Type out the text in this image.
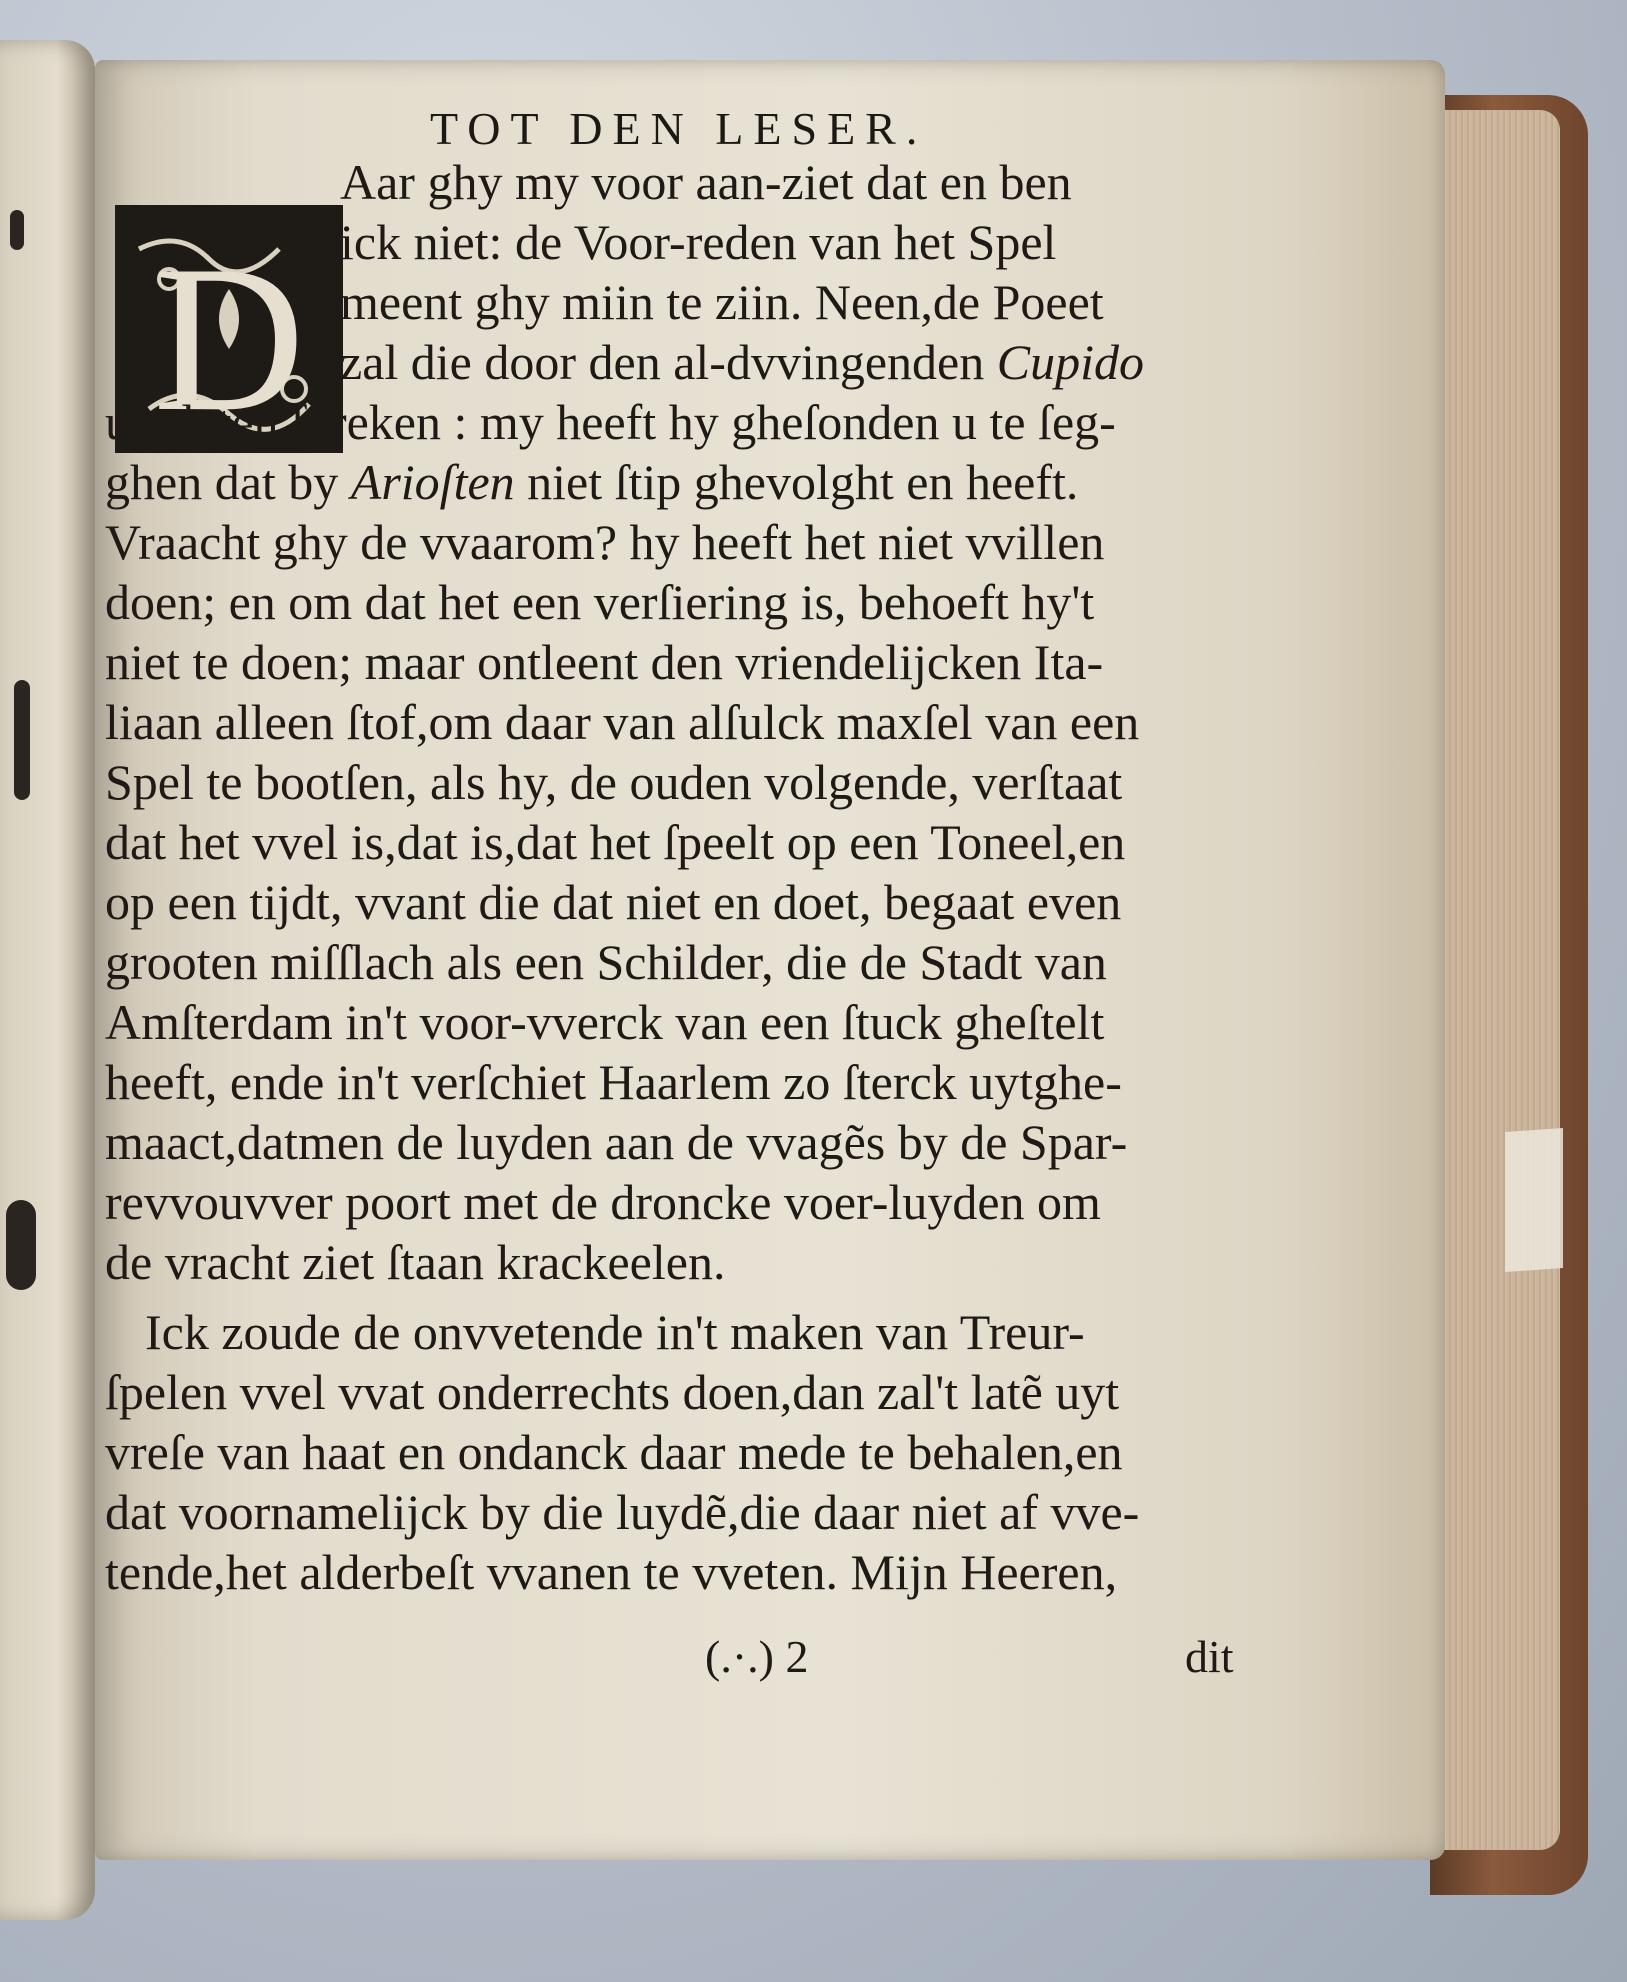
TOT DEN LESER.
D
Aar ghy my voor aan-ziet dat en ben
ick niet: de Voor-reden van het Spel
meent ghy miin te ziin. Neen,de Poeet
zal die door den al-dvvingenden Cupido
uyt laten ſpreken : my heeft hy gheſonden u te ſeg-
ghen dat by Arioſten niet ſtip ghevolght en heeft.
Vraacht ghy de vvaarom? hy heeft het niet vvillen
doen; en om dat het een verſiering is, behoeft hy't
niet te doen; maar ontleent den vriendelijcken Ita-
liaan alleen ſtof,om daar van alſulck maxſel van een
Spel te bootſen, als hy, de ouden volgende, verſtaat
dat het vvel is,dat is,dat het ſpeelt op een Toneel,en
op een tijdt, vvant die dat niet en doet, begaat even
grooten miſſlach als een Schilder, die de Stadt van
Amſterdam in't voor-vverck van een ſtuck gheſtelt
heeft, ende in't verſchiet Haarlem zo ſterck uytghe-
maact,datmen de luyden aan de vvagẽs by de Spar-
revvouvver poort met de droncke voer-luyden om
de vracht ziet ſtaan krackeelen.
Ick zoude de onvvetende in't maken van Treur-
ſpelen vvel vvat onderrechts doen,dan zal't latẽ uyt
vreſe van haat en ondanck daar mede te behalen,en
dat voornamelijck by die luydẽ,die daar niet af vve-
tende,het alderbeſt vvanen te vveten. Mijn Heeren,
(.·.) 2	dit
